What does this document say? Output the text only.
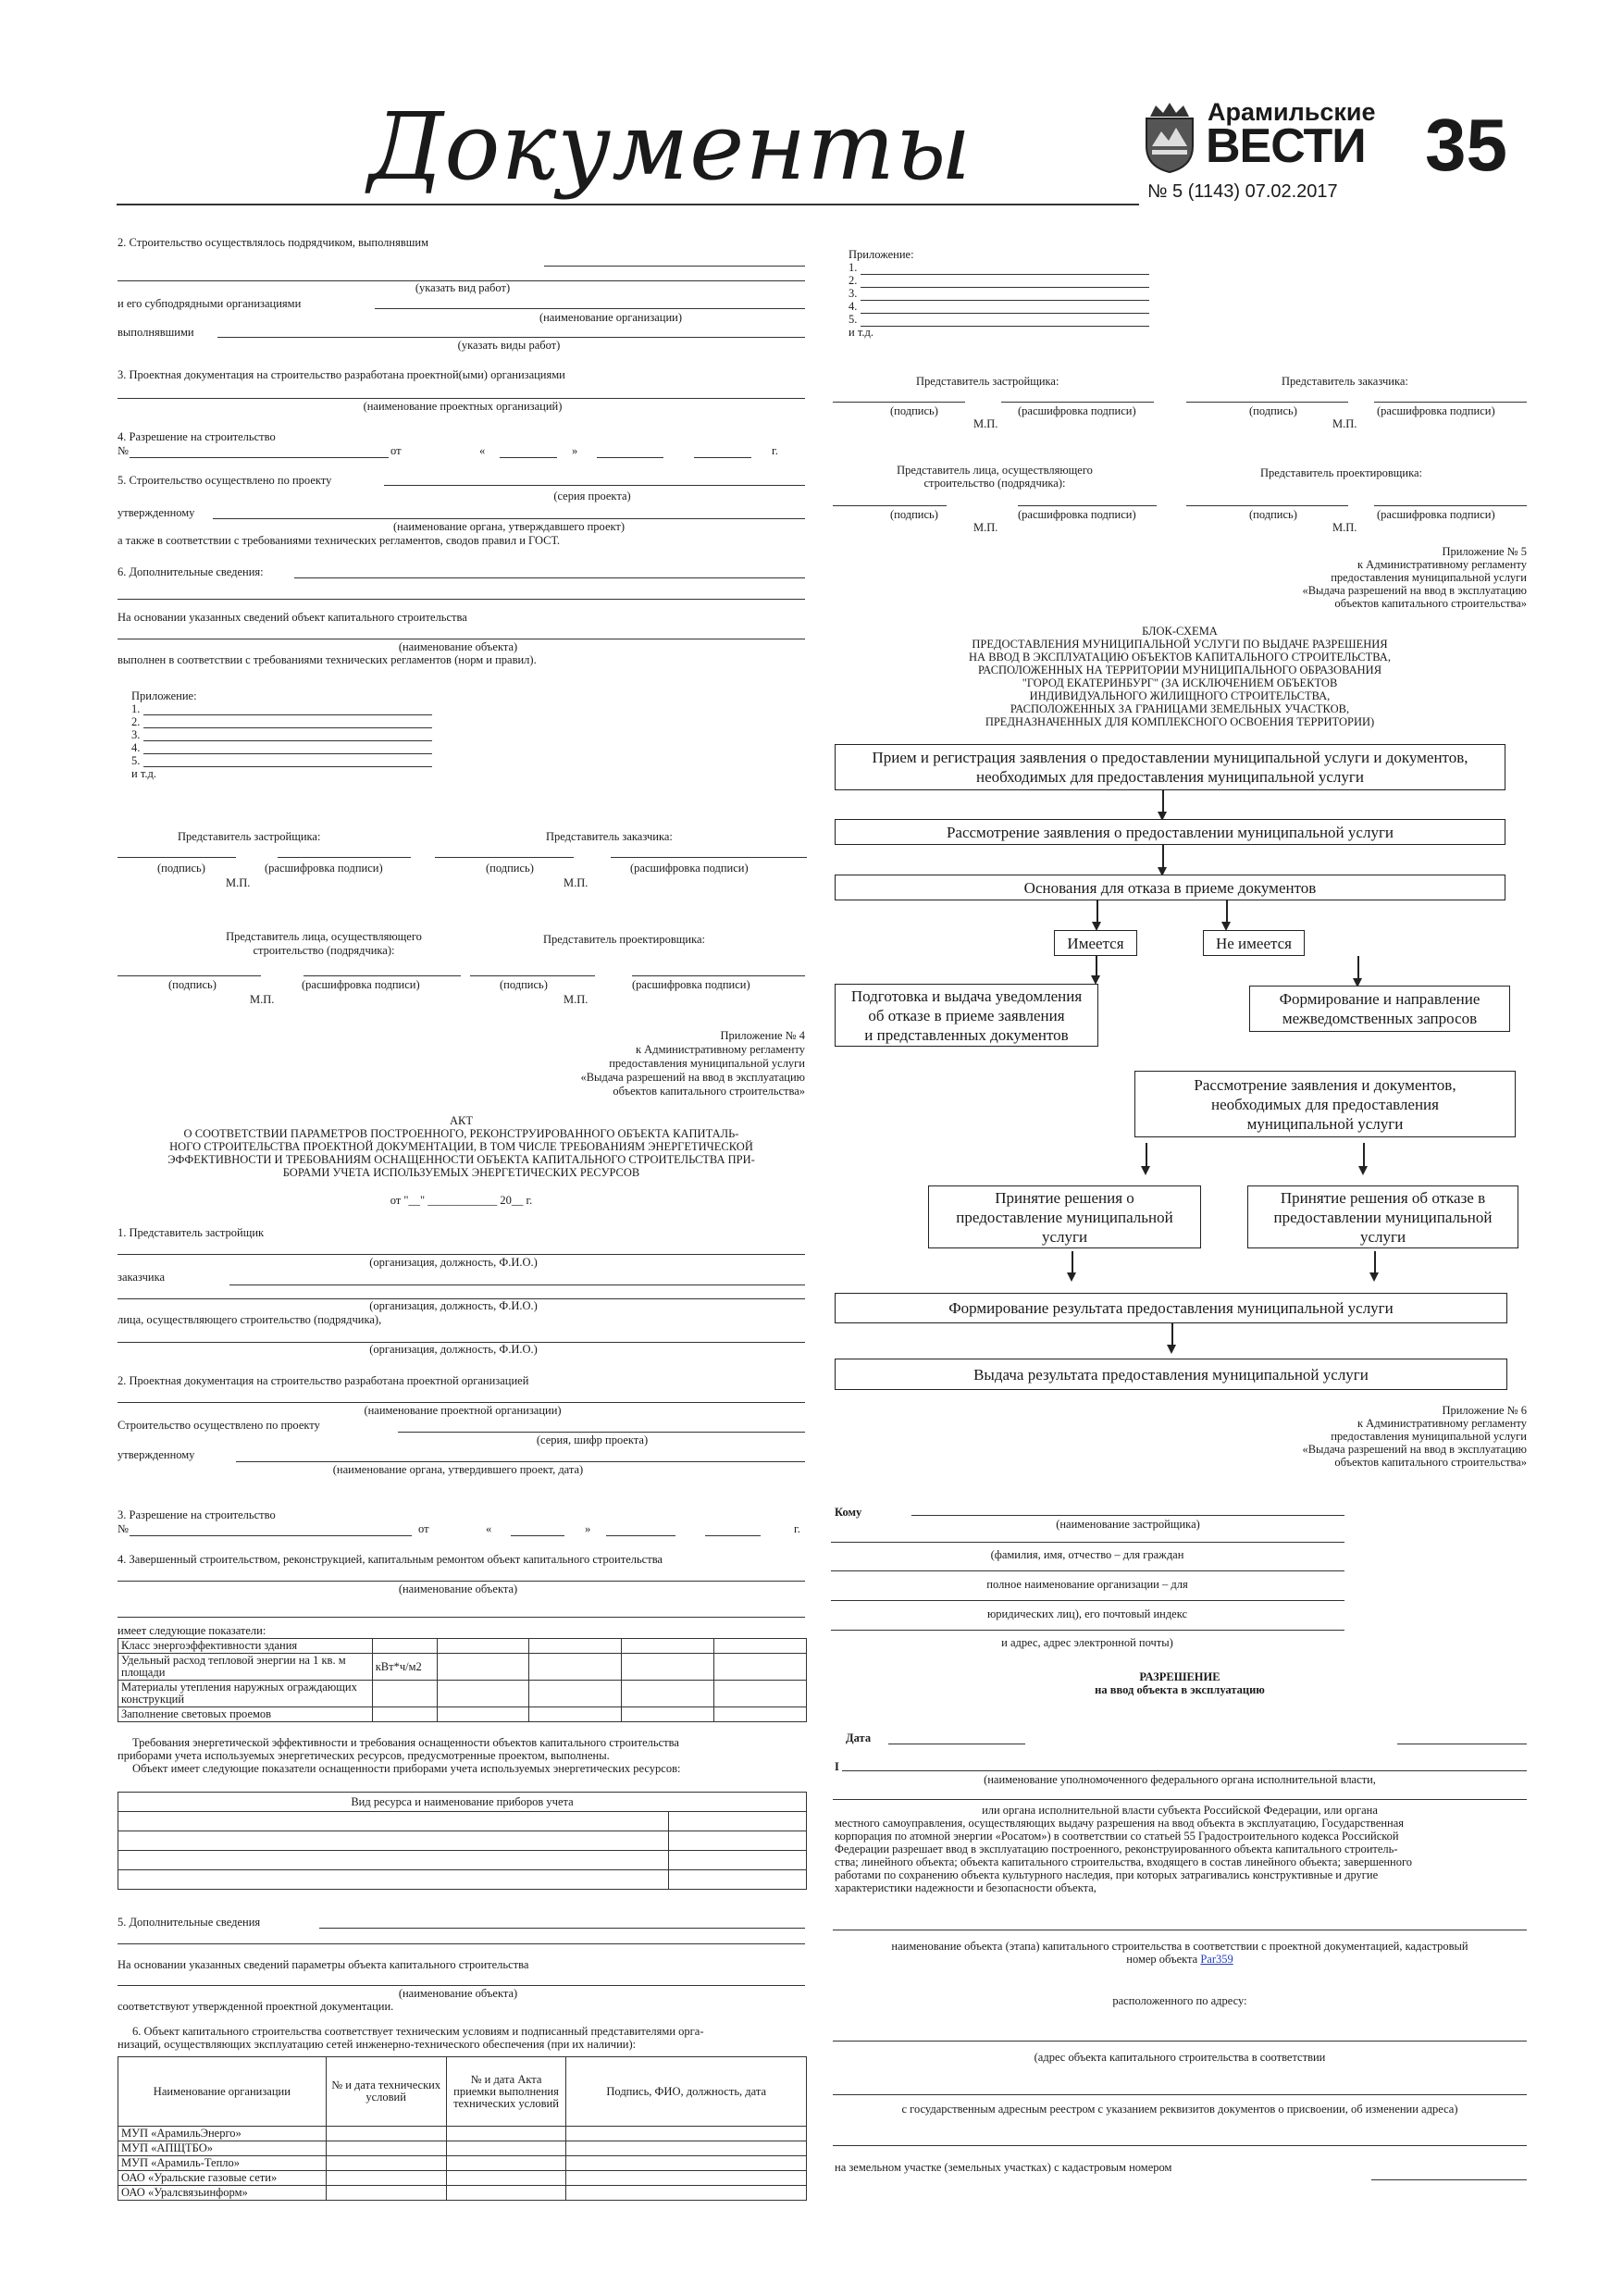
Документы	Арамильские
ВЕСТИ 35
№ 5 (1143) 07.02.2017
2. Строительство осуществлялось подрядчиком, выполнявшим
(указать вид работ)
и его субподрядными организациями
(наименование организации)
выполнявшими
(указать виды работ)
3. Проектная документация на строительство разработана проектной(ыми) организациями
(наименование проектных организаций)
4. Разрешение на строительство
№	от	«	»	г.
5. Строительство осуществлено по проекту
(серия проекта)
утвержденному
(наименование органа, утверждавшего проект)
а также в соответствии с требованиями технических регламентов, сводов правил и ГОСТ.
6. Дополнительные сведения:
На основании указанных сведений объект капитального строительства
(наименование объекта)
выполнен в соответствии с требованиями технических регламентов (норм и правил).
Приложение:
1.
2.
3.
4.
5.
и т.д.
Представитель застройщика:	Представитель заказчика:
(подпись)	(расшифровка подписи)	(подпись)	(расшифровка подписи)
М.П.	М.П.
Представитель лица, осуществляющего
строительство (подрядчика):
Представитель проектировщика:
(подпись)	(расшифровка подписи)	(подпись)	(расшифровка подписи)
М.П.	М.П.
Приложение № 4
к Административному регламенту
предоставления муниципальной услуги
«Выдача разрешений на ввод в эксплуатацию
объектов капитального строительства»
АКТ
О СООТВЕТСТВИИ ПАРАМЕТРОВ ПОСТРОЕННОГО, РЕКОНСТРУИРОВАННОГО ОБЪЕКТА КАПИТАЛЬ-
НОГО СТРОИТЕЛЬСТВА ПРОЕКТНОЙ ДОКУМЕНТАЦИИ, В ТОМ ЧИСЛЕ ТРЕБОВАНИЯМ ЭНЕРГЕТИЧЕСКОЙ
ЭФФЕКТИВНОСТИ И ТРЕБОВАНИЯМ ОСНАЩЕННОСТИ ОБЪЕКТА КАПИТАЛЬНОГО СТРОИТЕЛЬСТВА ПРИ-
БОРАМИ УЧЕТА ИСПОЛЬЗУЕМЫХ ЭНЕРГЕТИЧЕСКИХ РЕСУРСОВ
от "__" ____________ 20__ г.
1. Представитель застройщик
(организация, должность, Ф.И.О.)
заказчика
(организация, должность, Ф.И.О.)
лица, осуществляющего строительство (подрядчика),
(организация, должность, Ф.И.О.)
2. Проектная документация на строительство разработана проектной организацией
(наименование проектной организации)
Строительство осуществлено по проекту
(серия, шифр проекта)
утвержденному
(наименование органа, утвердившего проект, дата)
3. Разрешение на строительство
№	от	«	»	г.
4. Завершенный строительством, реконструкцией, капитальным ремонтом объект капитального строительства
(наименование объекта)
имеет следующие показатели:
Класс энергоэффективности здания					
Удельный расход тепловой энергии на 1 кв. м площади	кВт*ч/м2				
Материалы утепления наружных ограждающих конструкций					
Заполнение световых проемов					
Требования энергетической эффективности и требования оснащенности объектов капитального строительства
приборами учета используемых энергетических ресурсов, предусмотренные проектом, выполнены.
Объект имеет следующие показатели оснащенности приборами учета используемых энергетических ресурсов:
Вид ресурса и наименование приборов учета	

5. Дополнительные сведения
На основании указанных сведений параметры объекта капитального строительства
(наименование объекта)
соответствуют утвержденной проектной документации.
6. Объект капитального строительства соответствует техническим условиям и подписанный представителями орга-
низаций, осуществляющих эксплуатацию сетей инженерно-технического обеспечения (при их наличии):
Наименование организации	№ и дата технических условий	№ и дата Акта приемки выполнения технических условий	Подпись, ФИО, должность, дата
МУП «АрамильЭнерго»			
МУП «АПЩТБО»			
МУП «Арамиль-Тепло»			
ОАО «Уральские газовые сети»			
ОАО «Уралсвязьинформ»			
Приложение:
1.
2.
3.
4.
5.
и т.д.
Представитель застройщика:	Представитель заказчика:
(подпись)	(расшифровка подписи)	(подпись)	(расшифровка подписи)
М.П.	М.П.
Представитель лица, осуществляющего
строительство (подрядчика):
Представитель проектировщика:
(подпись)	(расшифровка подписи)	(подпись)	(расшифровка подписи)
М.П.	М.П.
Приложение № 5
к Административному регламенту
предоставления муниципальной услуги
«Выдача разрешений на ввод в эксплуатацию
объектов капитального строительства»
БЛОК-СХЕМА
ПРЕДОСТАВЛЕНИЯ МУНИЦИПАЛЬНОЙ УСЛУГИ ПО ВЫДАЧЕ РАЗРЕШЕНИЯ
НА ВВОД В ЭКСПЛУАТАЦИЮ ОБЪЕКТОВ КАПИТАЛЬНОГО СТРОИТЕЛЬСТВА,
РАСПОЛОЖЕННЫХ НА ТЕРРИТОРИИ МУНИЦИПАЛЬНОГО ОБРАЗОВАНИЯ
"ГОРОД ЕКАТЕРИНБУРГ" (ЗА ИСКЛЮЧЕНИЕМ ОБЪЕКТОВ
ИНДИВИДУАЛЬНОГО ЖИЛИЩНОГО СТРОИТЕЛЬСТВА,
РАСПОЛОЖЕННЫХ ЗА ГРАНИЦАМИ ЗЕМЕЛЬНЫХ УЧАСТКОВ,
ПРЕДНАЗНАЧЕННЫХ ДЛЯ КОМПЛЕКСНОГО ОСВОЕНИЯ ТЕРРИТОРИИ)
Прием и регистрация заявления о предоставлении муниципальной услуги и документов,
необходимых для предоставления муниципальной услуги
Рассмотрение заявления о предоставлении муниципальной услуги
Основания для отказа в приеме документов
Имеется	Не имеется
Подготовка и выдача уведомления
об отказе в приеме заявления
и представленных документов
Формирование и направление
межведомственных запросов
Рассмотрение заявления и документов,
необходимых для предоставления
муниципальной услуги
Принятие решения о
предоставление муниципальной
услуги
Принятие решения об отказе в
предоставлении муниципальной
услуги
Формирование результата предоставления муниципальной услуги
Выдача результата предоставления муниципальной услуги
Приложение № 6
к Административному регламенту
предоставления муниципальной услуги
«Выдача разрешений на ввод в эксплуатацию
объектов капитального строительства»
Кому
(наименование застройщика)
(фамилия, имя, отчество – для граждан
полное наименование организации – для
юридических лиц), его почтовый индекс
и адрес, адрес электронной почты)
РАЗРЕШЕНИЕ
на ввод объекта в эксплуатацию
Дата
I
(наименование уполномоченного федерального органа исполнительной власти,
или органа исполнительной власти субъекта Российской Федерации, или органа
местного самоуправления, осуществляющих выдачу разрешения на ввод объекта в эксплуатацию, Государственная
корпорация по атомной энергии «Росатом») в соответствии со статьей 55 Градостроительного кодекса Российской
Федерации разрешает ввод в эксплуатацию построенного, реконструированного объекта капитального строитель-
ства; линейного объекта; объекта капитального строительства, входящего в состав линейного объекта; завершенного
работами по сохранению объекта культурного наследия, при которых затрагивались конструктивные и другие
характеристики надежности и безопасности объекта,
наименование объекта (этапа) капитального строительства в соответствии с проектной документацией, кадастровый
номер объекта Par359
расположенного по адресу:
(адрес объекта капитального строительства в соответствии
с государственным адресным реестром с указанием реквизитов документов о присвоении, об изменении адреса)
на земельном участке (земельных участках) с кадастровым номером
